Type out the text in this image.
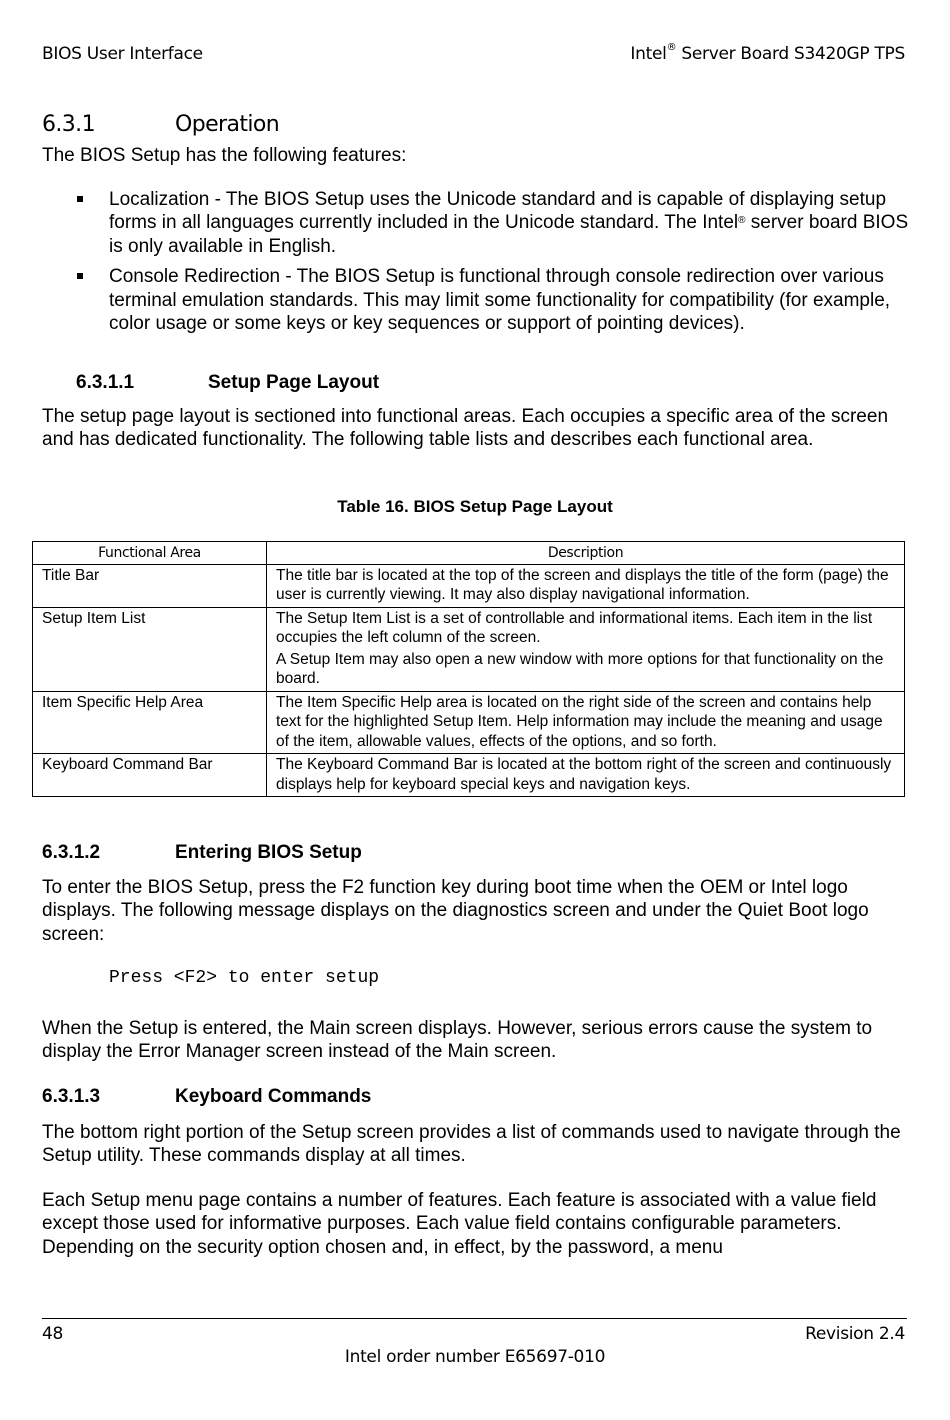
BIOS User Interface	Intel® Server Board S3420GP TPS
6.3.1	Operation
The BIOS Setup has the following features:
Localization - The BIOS Setup uses the Unicode standard and is capable of displaying setup forms in all languages currently included in the Unicode standard. The Intel® server board BIOS is only available in English.
Console Redirection - The BIOS Setup is functional through console redirection over various terminal emulation standards. This may limit some functionality for compatibility (for example, color usage or some keys or key sequences or support of pointing devices).
6.3.1.1	Setup Page Layout
The setup page layout is sectioned into functional areas. Each occupies a specific area of the screen and has dedicated functionality. The following table lists and describes each functional area.
Table 16. BIOS Setup Page Layout
Functional Area	Description
Title Bar	The title bar is located at the top of the screen and displays the title of the form (page) the user is currently viewing. It may also display navigational information.

Setup Item List	The Setup Item List is a set of controllable and informational items. Each item in the list occupies the left column of the screen.
A Setup Item may also open a new window with more options for that functionality on the board.

Item Specific Help Area	The Item Specific Help area is located on the right side of the screen and contains help text for the highlighted Setup Item. Help information may include the meaning and usage of the item, allowable values, effects of the options, and so forth.

Keyboard Command Bar	The Keyboard Command Bar is located at the bottom right of the screen and continuously displays help for keyboard special keys and navigation keys.
6.3.1.2	Entering BIOS Setup
To enter the BIOS Setup, press the F2 function key during boot time when the OEM or Intel logo displays. The following message displays on the diagnostics screen and under the Quiet Boot logo screen:
Press <F2> to enter setup
When the Setup is entered, the Main screen displays. However, serious errors cause the system to display the Error Manager screen instead of the Main screen.
6.3.1.3	Keyboard Commands
The bottom right portion of the Setup screen provides a list of commands used to navigate through the Setup utility. These commands display at all times.
Each Setup menu page contains a number of features. Each feature is associated with a value field except those used for informative purposes. Each value field contains configurable parameters. Depending on the security option chosen and, in effect, by the password, a menu
48	Revision 2.4
Intel order number E65697-010
